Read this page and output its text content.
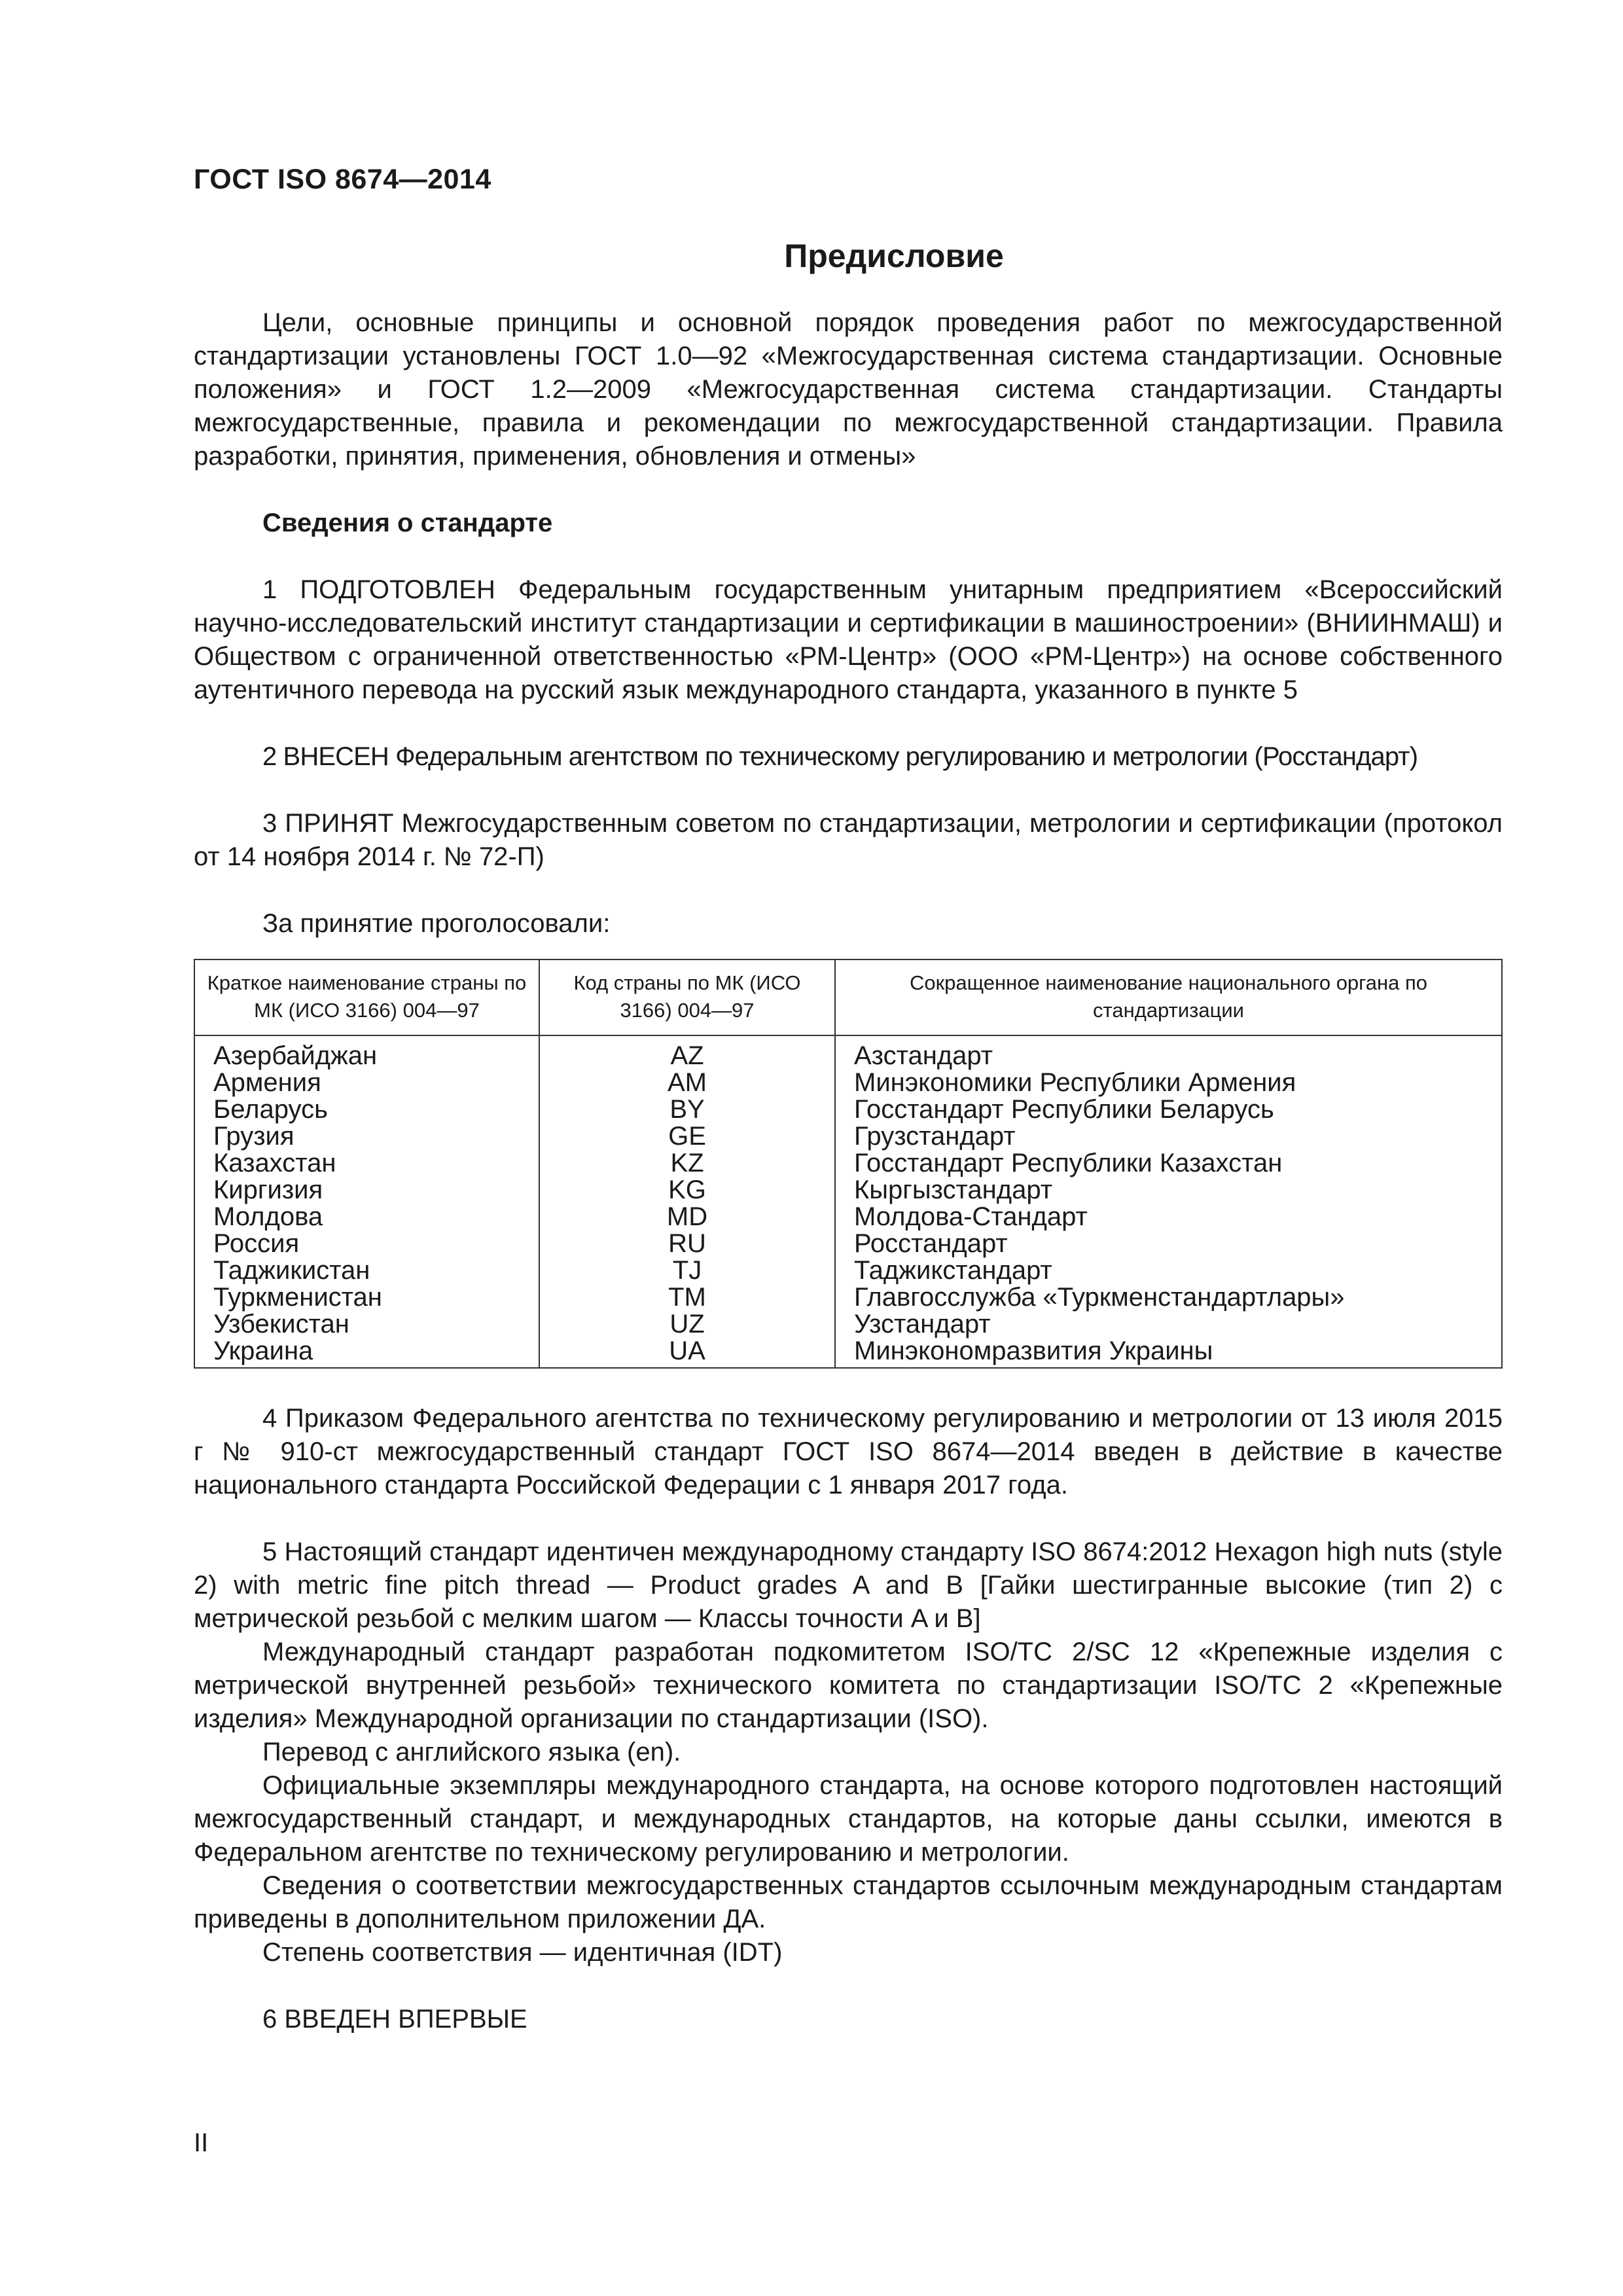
ГОСТ ISO 8674—2014
Предисловие

Цели, основные принципы и основной порядок проведения работ по межгосударственной стандартизации установлены ГОСТ 1.0—92 «Межгосударственная система стандартизации. Основные положения» и ГОСТ 1.2—2009 «Межгосударственная система стандартизации. Стандарты межгосударственные, правила и рекомендации по межгосударственной стандартизации. Правила разработки, принятия, применения, обновления и отмены»

Сведения о стандарте

1 ПОДГОТОВЛЕН Федеральным государственным унитарным предприятием «Всероссийский научно-исследовательский институт стандартизации и сертификации в машиностроении» (ВНИИНМАШ) и Обществом с ограниченной ответственностью «РМ-Центр» (ООО «РМ-Центр») на основе собственного аутентичного перевода на русский язык международного стандарта, указанного в пункте 5

2 ВНЕСЕН Федеральным агентством по техническому регулированию и метрологии (Росстандарт)

3 ПРИНЯТ Межгосударственным советом по стандартизации, метрологии и сертификации (протокол от 14 ноября 2014 г. № 72-П)

За принятие проголосовали:

Краткое наименование страны по МК (ИСО 3166) 004—97	Код страны по МК (ИСО 3166) 004—97	Сокращенное наименование национального органа по стандартизации
Азербайджан	AZ	Азстандарт
Армения	AM	Минэкономики Республики Армения
Беларусь	BY	Госстандарт Республики Беларусь
Грузия	GE	Грузстандарт
Казахстан	KZ	Госстандарт Республики Казахстан
Киргизия	KG	Кыргызстандарт
Молдова	MD	Молдова-Стандарт
Россия	RU	Росстандарт
Таджикистан	TJ	Таджикстандарт
Туркменистан	TM	Главгосслужба «Туркменстандартлары»
Узбекистан	UZ	Узстандарт
Украина	UA	Минэкономразвития Украины

4 Приказом Федерального агентства по техническому регулированию и метрологии от 13 июля 2015 г № 910-ст межгосударственный стандарт ГОСТ ISO 8674—2014 введен в действие в качестве национального стандарта Российской Федерации с 1 января 2017 года.

5 Настоящий стандарт идентичен международному стандарту ISO 8674:2012 Hexagon high nuts (style 2) with metric fine pitch thread — Product grades A and B [Гайки шестигранные высокие (тип 2) с метрической резьбой с мелким шагом — Классы точности A и B]

Международный стандарт разработан подкомитетом ISO/TC 2/SC 12 «Крепежные изделия с метрической внутренней резьбой» технического комитета по стандартизации ISO/TC 2 «Крепежные изделия» Международной организации по стандартизации (ISO).

Перевод с английского языка (en).

Официальные экземпляры международного стандарта, на основе которого подготовлен настоящий межгосударственный стандарт, и международных стандартов, на которые даны ссылки, имеются в Федеральном агентстве по техническому регулированию и метрологии.

Сведения о соответствии межгосударственных стандартов ссылочным международным стандартам приведены в дополнительном приложении ДА.

Степень соответствия — идентичная (IDT)

6 ВВЕДЕН ВПЕРВЫЕ

II
